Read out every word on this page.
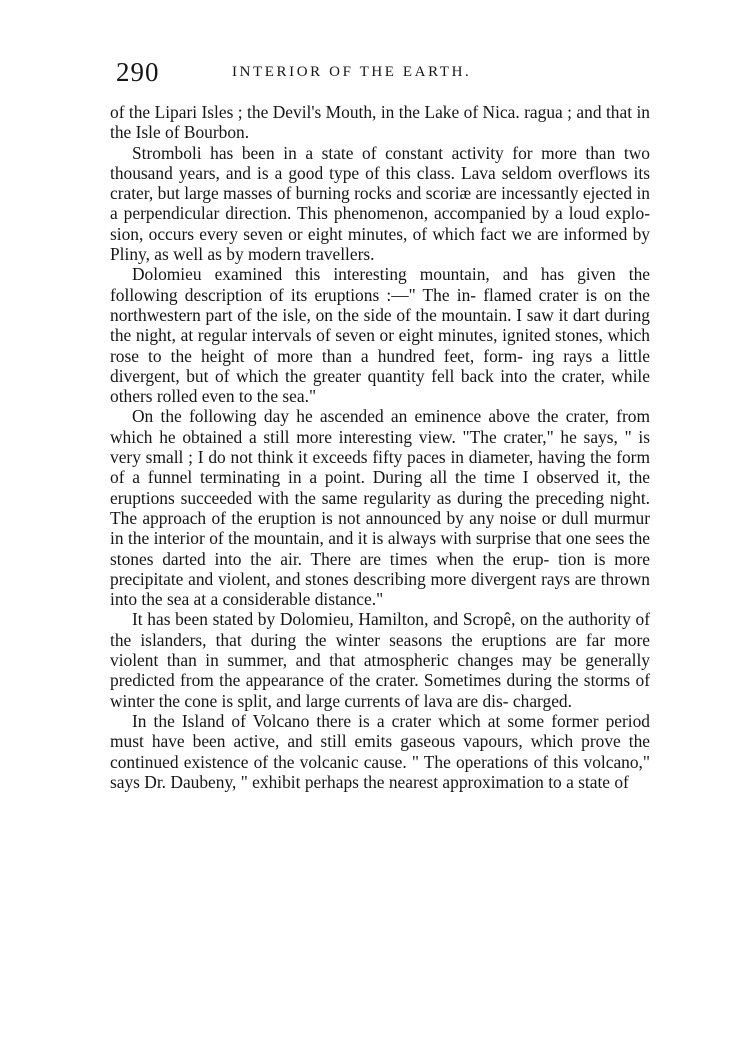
290	INTERIOR OF THE EARTH.

of the Lipari Isles ; the Devil's Mouth, in the Lake of Nica. ragua ; and that in the Isle of Bourbon.

Stromboli has been in a state of constant activity for more than two thousand years, and is a good type of this class. Lava seldom overflows its crater, but large masses of burning rocks and scoriæ are incessantly ejected in a perpendicular direction. This phenomenon, accompanied by a loud explo- sion, occurs every seven or eight minutes, of which fact we are informed by Pliny, as well as by modern travellers.

Dolomieu examined this interesting mountain, and has given the following description of its eruptions :—" The in- flamed crater is on the northwestern part of the isle, on the side of the mountain. I saw it dart during the night, at regular intervals of seven or eight minutes, ignited stones, which rose to the height of more than a hundred feet, form- ing rays a little divergent, but of which the greater quantity fell back into the crater, while others rolled even to the sea."

On the following day he ascended an eminence above the crater, from which he obtained a still more interesting view. "The crater," he says, " is very small ; I do not think it exceeds fifty paces in diameter, having the form of a funnel terminating in a point. During all the time I observed it, the eruptions succeeded with the same regularity as during the preceding night. The approach of the eruption is not announced by any noise or dull murmur in the interior of the mountain, and it is always with surprise that one sees the stones darted into the air. There are times when the erup- tion is more precipitate and violent, and stones describing more divergent rays are thrown into the sea at a considerable distance."

It has been stated by Dolomieu, Hamilton, and Scropê, on the authority of the islanders, that during the winter seasons the eruptions are far more violent than in summer, and that atmospheric changes may be generally predicted from the appearance of the crater. Sometimes during the storms of winter the cone is split, and large currents of lava are dis- charged.

In the Island of Volcano there is a crater which at some former period must have been active, and still emits gaseous vapours, which prove the continued existence of the volcanic cause. " The operations of this volcano," says Dr. Daubeny, " exhibit perhaps the nearest approximation to a state of
